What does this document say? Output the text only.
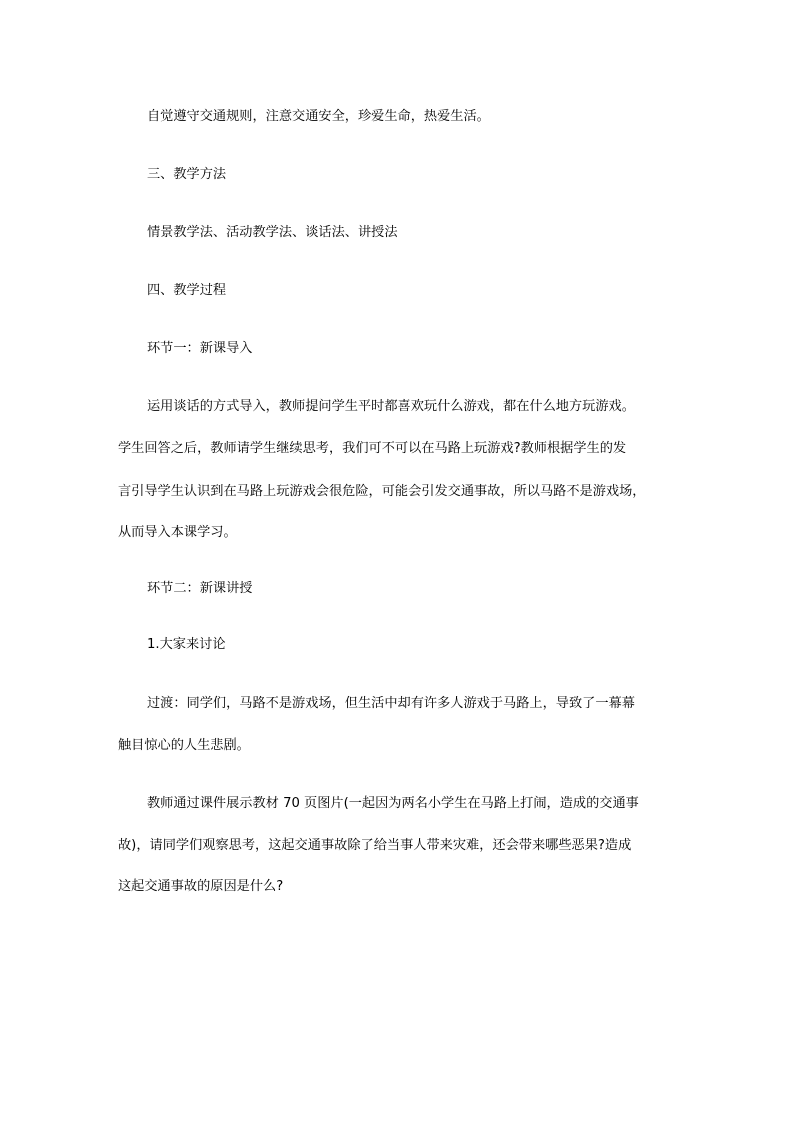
自觉遵守交通规则，注意交通安全，珍爱生命，热爱生活。
三、教学方法
情景教学法、活动教学法、谈话法、讲授法
四、教学过程
环节一：新课导入
运用谈话的方式导入，教师提问学生平时都喜欢玩什么游戏，都在什么地方玩游戏。
学生回答之后，教师请学生继续思考，我们可不可以在马路上玩游戏?教师根据学生的发
言引导学生认识到在马路上玩游戏会很危险，可能会引发交通事故，所以马路不是游戏场，
从而导入本课学习。
环节二：新课讲授
1.大家来讨论
过渡：同学们，马路不是游戏场，但生活中却有许多人游戏于马路上，导致了一幕幕
触目惊心的人生悲剧。
教师通过课件展示教材 70 页图片(一起因为两名小学生在马路上打闹，造成的交通事
故)，请同学们观察思考，这起交通事故除了给当事人带来灾难，还会带来哪些恶果?造成
这起交通事故的原因是什么?
